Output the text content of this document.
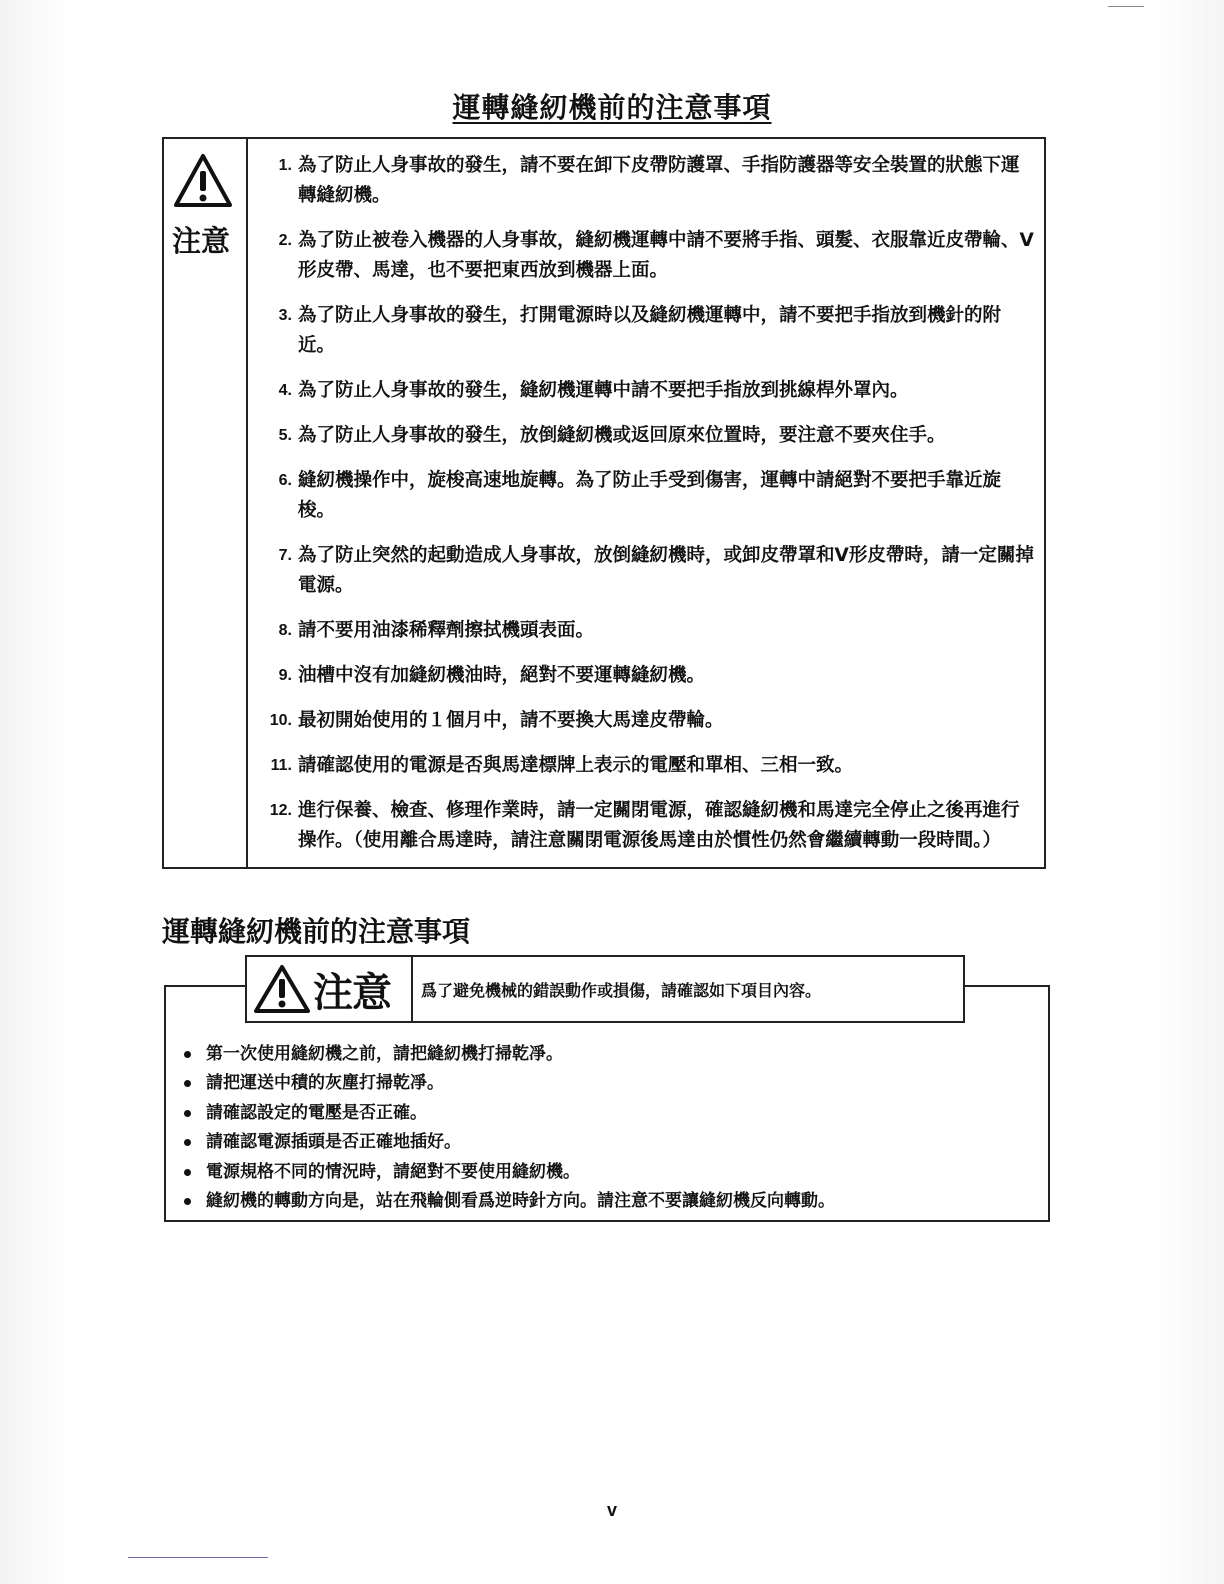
運轉縫紉機前的注意事項
注意
1. 為了防止人身事故的發生，請不要在卸下皮帶防護罩、手指防護器等安全裝置的狀態下運轉縫紉機。
2. 為了防止被卷入機器的人身事故，縫紉機運轉中請不要將手指、頭髮、衣服靠近皮帶輪、V形皮帶、馬達，也不要把東西放到機器上面。
3. 為了防止人身事故的發生，打開電源時以及縫紉機運轉中，請不要把手指放到機針的附近。
4. 為了防止人身事故的發生，縫紉機運轉中請不要把手指放到挑線桿外罩內。
5. 為了防止人身事故的發生，放倒縫紉機或返回原來位置時，要注意不要夾住手。
6. 縫紉機操作中，旋梭高速地旋轉。為了防止手受到傷害，運轉中請絕對不要把手靠近旋梭。
7. 為了防止突然的起動造成人身事故，放倒縫紉機時，或卸皮帶罩和V形皮帶時，請一定關掉電源。
8. 請不要用油漆稀釋劑擦拭機頭表面。
9. 油槽中沒有加縫紉機油時，絕對不要運轉縫紉機。
10. 最初開始使用的１個月中，請不要換大馬達皮帶輪。
11. 請確認使用的電源是否與馬達標牌上表示的電壓和單相、三相一致。
12. 進行保養、檢查、修理作業時，請一定關閉電源，確認縫紉機和馬達完全停止之後再進行操作。（使用離合馬達時，請注意關閉電源後馬達由於慣性仍然會繼續轉動一段時間。）
運轉縫紉機前的注意事項
第一次使用縫紉機之前，請把縫紉機打掃乾凈。
請把運送中積的灰塵打掃乾凈。
請確認設定的電壓是否正確。
請確認電源插頭是否正確地插好。
電源規格不同的情況時，請絕對不要使用縫紉機。
縫紉機的轉動方向是，站在飛輪側看爲逆時針方向。請注意不要讓縫紉機反向轉動。
注意	爲了避免機械的錯誤動作或損傷，請確認如下項目內容。
v
